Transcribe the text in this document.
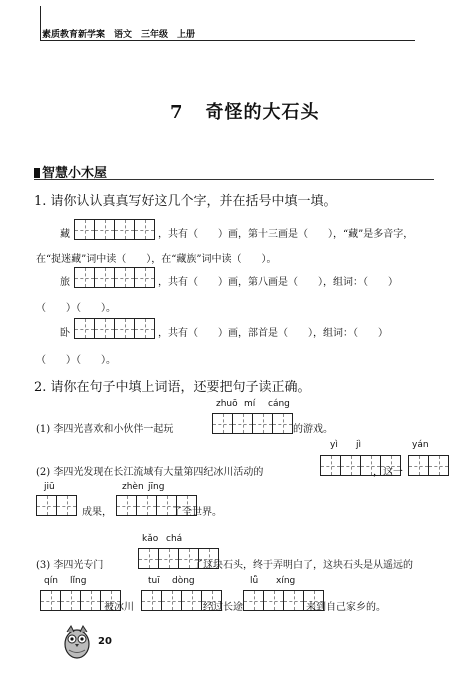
素质教育新学案　语文　三年级　上册
7 奇怪的大石头
智慧小木屋
1. 请你认认真真写好这几个字，并在括号中填一填。
藏	，共有（　　）画，第十三画是（　　），“藏”是多音字，
在“捉迷藏”词中读（　　），在“藏族”词中读（　　）。
旅	，共有（　　）画，第八画是（　　），组词：（　　）
（　　）（　　）。
卧	，共有（　　）画，部首是（　　），组词：（　　）
（　　）（　　）。
2. 请你在句子中填上词语，还要把句子读正确。
zhuō mí cáng
(1) 李四光喜欢和小伙伴一起玩	的游戏。
yì jì	yán
(2) 李四光发现在长江流域有大量第四纪冰川活动的	，这一
jiū	zhèn jīng
成果，	了全世界。
kǎo chá
(3) 李四光专门	了这块石头，终于弄明白了，这块石头是从遥远的
qín lǐng	tuī dòng	lǚ xíng
被冰川	经过长途	来到自己家乡的。
20
